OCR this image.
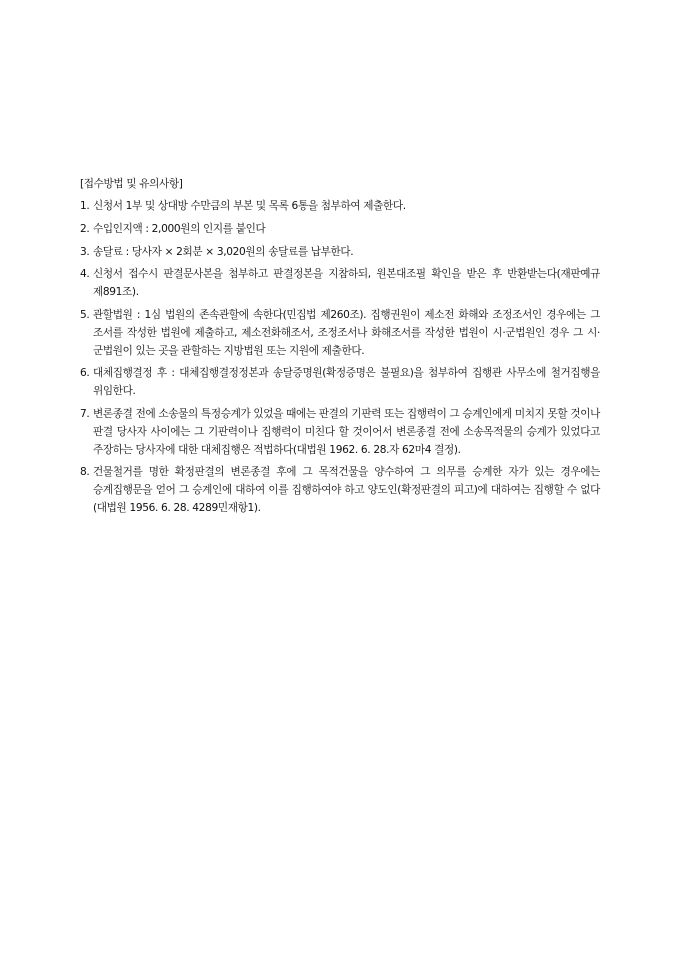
[접수방법 및 유의사항]
1. 신청서 1부 및 상대방 수만큼의 부본 및 목록 6통을 첨부하여 제출한다.
2. 수입인지액 : 2,000원의 인지를 붙인다
3. 송달료 : 당사자 × 2회분 × 3,020원의 송달료를 납부한다.
4. 신청서 접수시 판결문사본을 첨부하고 판결정본을 지참하되, 원본대조필 확인을 받은 후 반환받는다(재판예규 제891조).
5. 관할법원 : 1심 법원의 존속관할에 속한다(민집법 제260조). 집행권원이 제소전 화해와 조정조서인 경우에는 그 조서를 작성한 법원에 제출하고, 제소전화해조서, 조정조서나 화해조서를 작성한 법원이 시·군법원인 경우 그 시·군법원이 있는 곳을 관할하는 지방법원 또는 지원에 제출한다.
6. 대체집행결정 후 : 대체집행결정정본과 송달증명원(확정증명은 불필요)을 첨부하여 집행관 사무소에 철거집행을 위임한다.
7. 변론종결 전에 소송물의 특정승계가 있었을 때에는 판결의 기판력 또는 집행력이 그 승계인에게 미치지 못할 것이나 판결 당사자 사이에는 그 기판력이나 집행력이 미친다 할 것이어서 변론종결 전에 소송목적물의 승계가 있었다고 주장하는 당사자에 대한 대체집행은 적법하다(대법원 1962. 6. 28.자 62마4 결정).
8. 건물철거를 명한 확정판결의 변론종결 후에 그 목적건물을 양수하여 그 의무를 승계한 자가 있는 경우에는 승계집행문을 얻어 그 승계인에 대하여 이를 집행하여야 하고 양도인(확정판결의 피고)에 대하여는 집행할 수 없다(대법원 1956. 6. 28. 4289민재항1).
